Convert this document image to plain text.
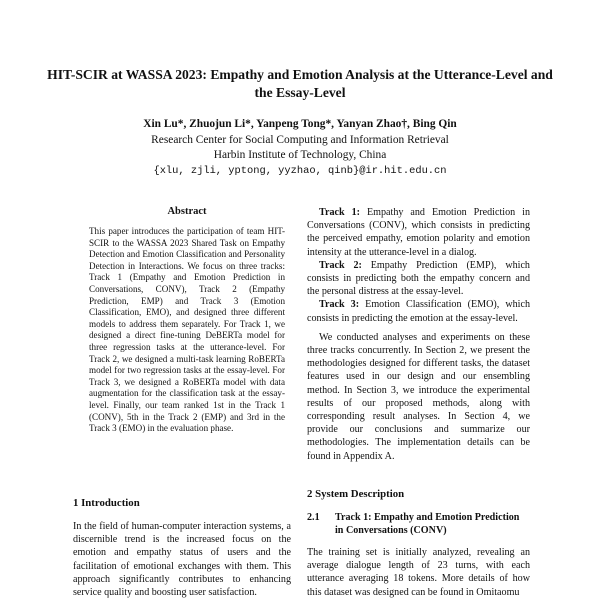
HIT-SCIR at WASSA 2023: Empathy and Emotion Analysis at the Utterance-Level and the Essay-Level
Xin Lu*, Zhuojun Li*, Yanpeng Tong*, Yanyan Zhao†, Bing Qin
Research Center for Social Computing and Information Retrieval
Harbin Institute of Technology, China
{xlu, zjli, yptong, yyzhao, qinb}@ir.hit.edu.cn
Abstract
This paper introduces the participation of team HIT-SCIR to the WASSA 2023 Shared Task on Empathy Detection and Emotion Classification and Personality Detection in Interactions. We focus on three tracks: Track 1 (Empathy and Emotion Prediction in Conversations, CONV), Track 2 (Empathy Prediction, EMP) and Track 3 (Emotion Classification, EMO), and designed three different models to address them separately. For Track 1, we designed a direct fine-tuning DeBERTa model for three regression tasks at the utterance-level. For Track 2, we designed a multi-task learning RoBERTa model for two regression tasks at the essay-level. For Track 3, we designed a RoBERTa model with data augmentation for the classification task at the essay-level. Finally, our team ranked 1st in the Track 1 (CONV), 5th in the Track 2 (EMP) and 3rd in the Track 3 (EMO) in the evaluation phase.
1 Introduction
In the field of human-computer interaction systems, a discernible trend is the increased focus on the emotion and empathy status of users and the facilitation of emotional exchanges with them. This approach significantly contributes to enhancing service quality and boosting user satisfaction.

Track 1: Empathy and Emotion Prediction in Conversations (CONV), which consists in predicting the perceived empathy, emotion polarity and emotion intensity at the utterance-level in a dialog.

Track 2: Empathy Prediction (EMP), which consists in predicting both the empathy concern and the personal distress at the essay-level.

Track 3: Emotion Classification (EMO), which consists in predicting the emotion at the essay-level.

We conducted analyses and experiments on these three tracks concurrently. In Section 2, we present the methodologies designed for different tasks, the dataset features used in our design and our ensembling method. In Section 3, we introduce the experimental results of our proposed methods, along with corresponding result analyses. In Section 4, we provide our conclusions and summarize our methodologies. The implementation details can be found in Appendix A.

2 System Description
2.1	Track 1: Empathy and Emotion Prediction in Conversations (CONV)
The training set is initially analyzed, revealing an average dialogue length of 23 turns, with each utterance averaging 18 tokens. More details of how this dataset was designed can be found in Omitaomu
